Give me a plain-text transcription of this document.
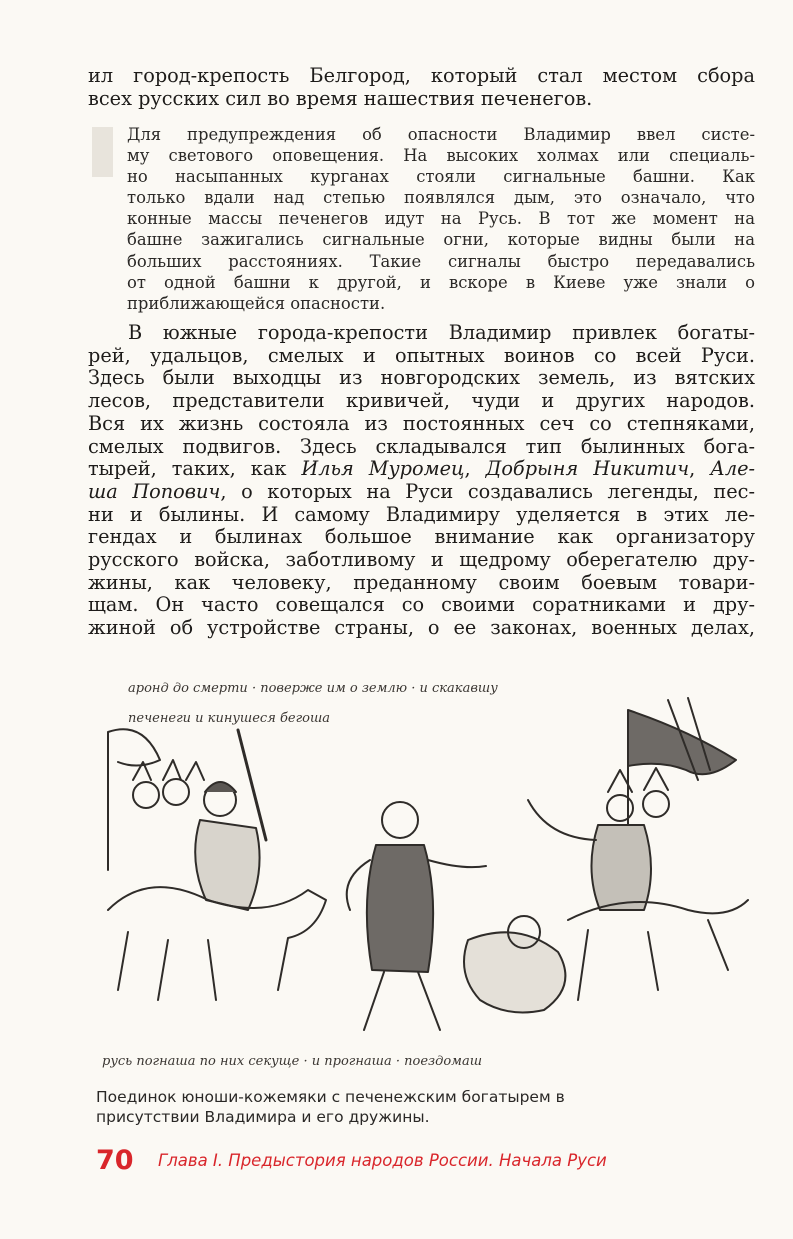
ил город-крепость Белгород, который стал местом сбора
всех русских сил во время нашествия печенегов.

Для предупреждения об опасности Владимир ввел систе-
му светового оповещения. На высоких холмах или специаль-
но насыпанных курганах стояли сигнальные башни. Как
только вдали над степью появлялся дым, это означало, что
конные массы печенегов идут на Русь. В тот же момент на
башне зажигались сигнальные огни, которые видны были на
больших расстояниях. Такие сигналы быстро передавались
от одной башни к другой, и вскоре в Киеве уже знали о
приближающейся опасности.

В южные города-крепости Владимир привлек богаты-
рей, удальцов, смелых и опытных воинов со всей Руси.
Здесь были выходцы из новгородских земель, из вятских
лесов, представители кривичей, чуди и других народов.
Вся их жизнь состояла из постоянных сеч со степняками,
смелых подвигов. Здесь складывался тип былинных бога-
тырей, таких, как Илья Муромец, Добрыня Никитич, Але-
ша Попович, о которых на Руси создавались легенды, пес-
ни и былины. И самому Владимиру уделяется в этих ле-
гендах и былинах большое внимание как организатору
русского войска, заботливому и щедрому оберегателю дру-
жины, как человеку, преданному своим боевым товари-
щам. Он часто совещался со своими соратниками и дру-
жиной об устройстве страны, о ее законах, военных делах,

аронд до смерти · поверже им о землю · и скакавшу
печенеги и кинушеся бегоша
русь погнаша по них секуще · и прогнаша · поездомаш
Поединок юноши-кожемяки с печенежским богатырем в
присутствии Владимира и его дружины.
70 Глава I. Предыстория народов России. Начала Руси
